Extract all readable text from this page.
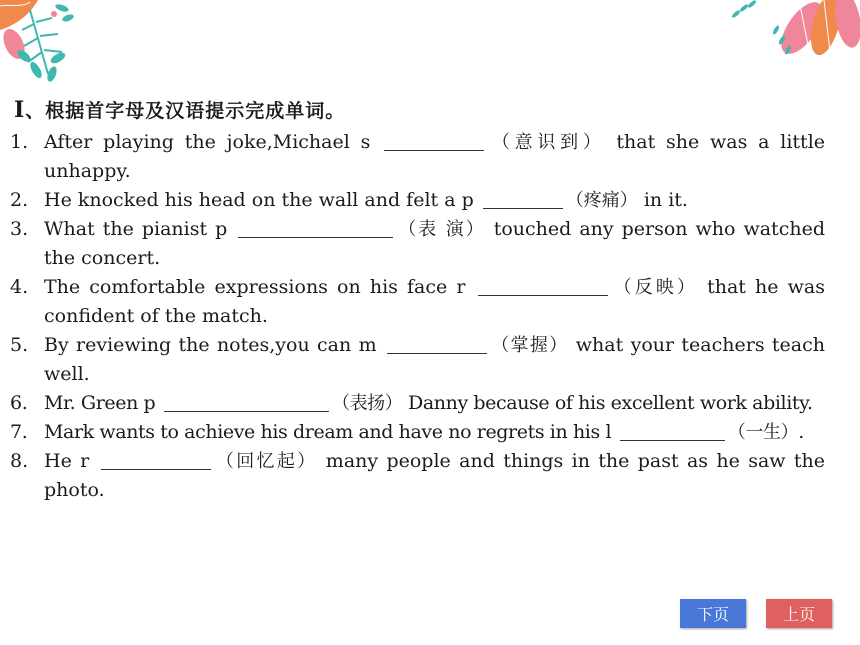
Ⅰ、根据首字母及汉语提示完成单词。
1. After playing the joke,Michael s	（意识到） that she was a little unhappy.
2. He knocked his head on the wall and felt a p	（疼痛） in it.
3. What the pianist p	（表 演） touched any person who watched the concert.
4. The comfortable expressions on his face r	（反映） that he was confident of the match.
5. By reviewing the notes,you can m	（掌握） what your teachers teach well.
6. Mr. Green p	（表扬） Danny because of his excellent work ability.
7. Mark wants to achieve his dream and have no regrets in his l	（一生）.
8. He r	（回忆起） many people and things in the past as he saw the photo.
下页	上页
